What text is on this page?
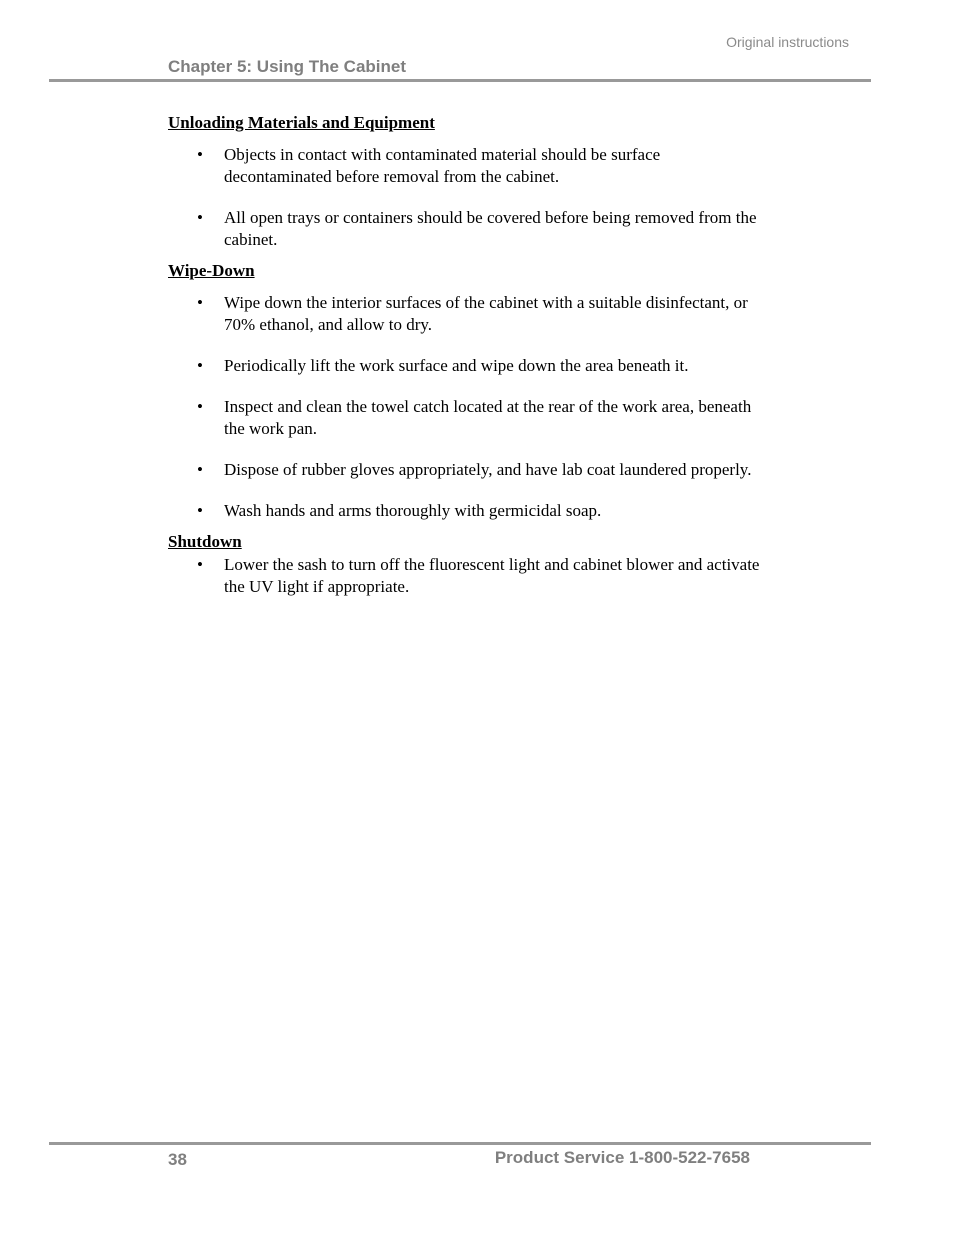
Original instructions
Chapter 5: Using The Cabinet

Unloading Materials and Equipment

• Objects in contact with contaminated material should be surface decontaminated before removal from the cabinet.
• All open trays or containers should be covered before being removed from the cabinet.

Wipe-Down

• Wipe down the interior surfaces of the cabinet with a suitable disinfectant, or 70% ethanol, and allow to dry.
• Periodically lift the work surface and wipe down the area beneath it.
• Inspect and clean the towel catch located at the rear of the work area, beneath the work pan.
• Dispose of rubber gloves appropriately, and have lab coat laundered properly.
• Wash hands and arms thoroughly with germicidal soap.

Shutdown

• Lower the sash to turn off the fluorescent light and cabinet blower and activate the UV light if appropriate.
38	Product Service 1-800-522-7658
